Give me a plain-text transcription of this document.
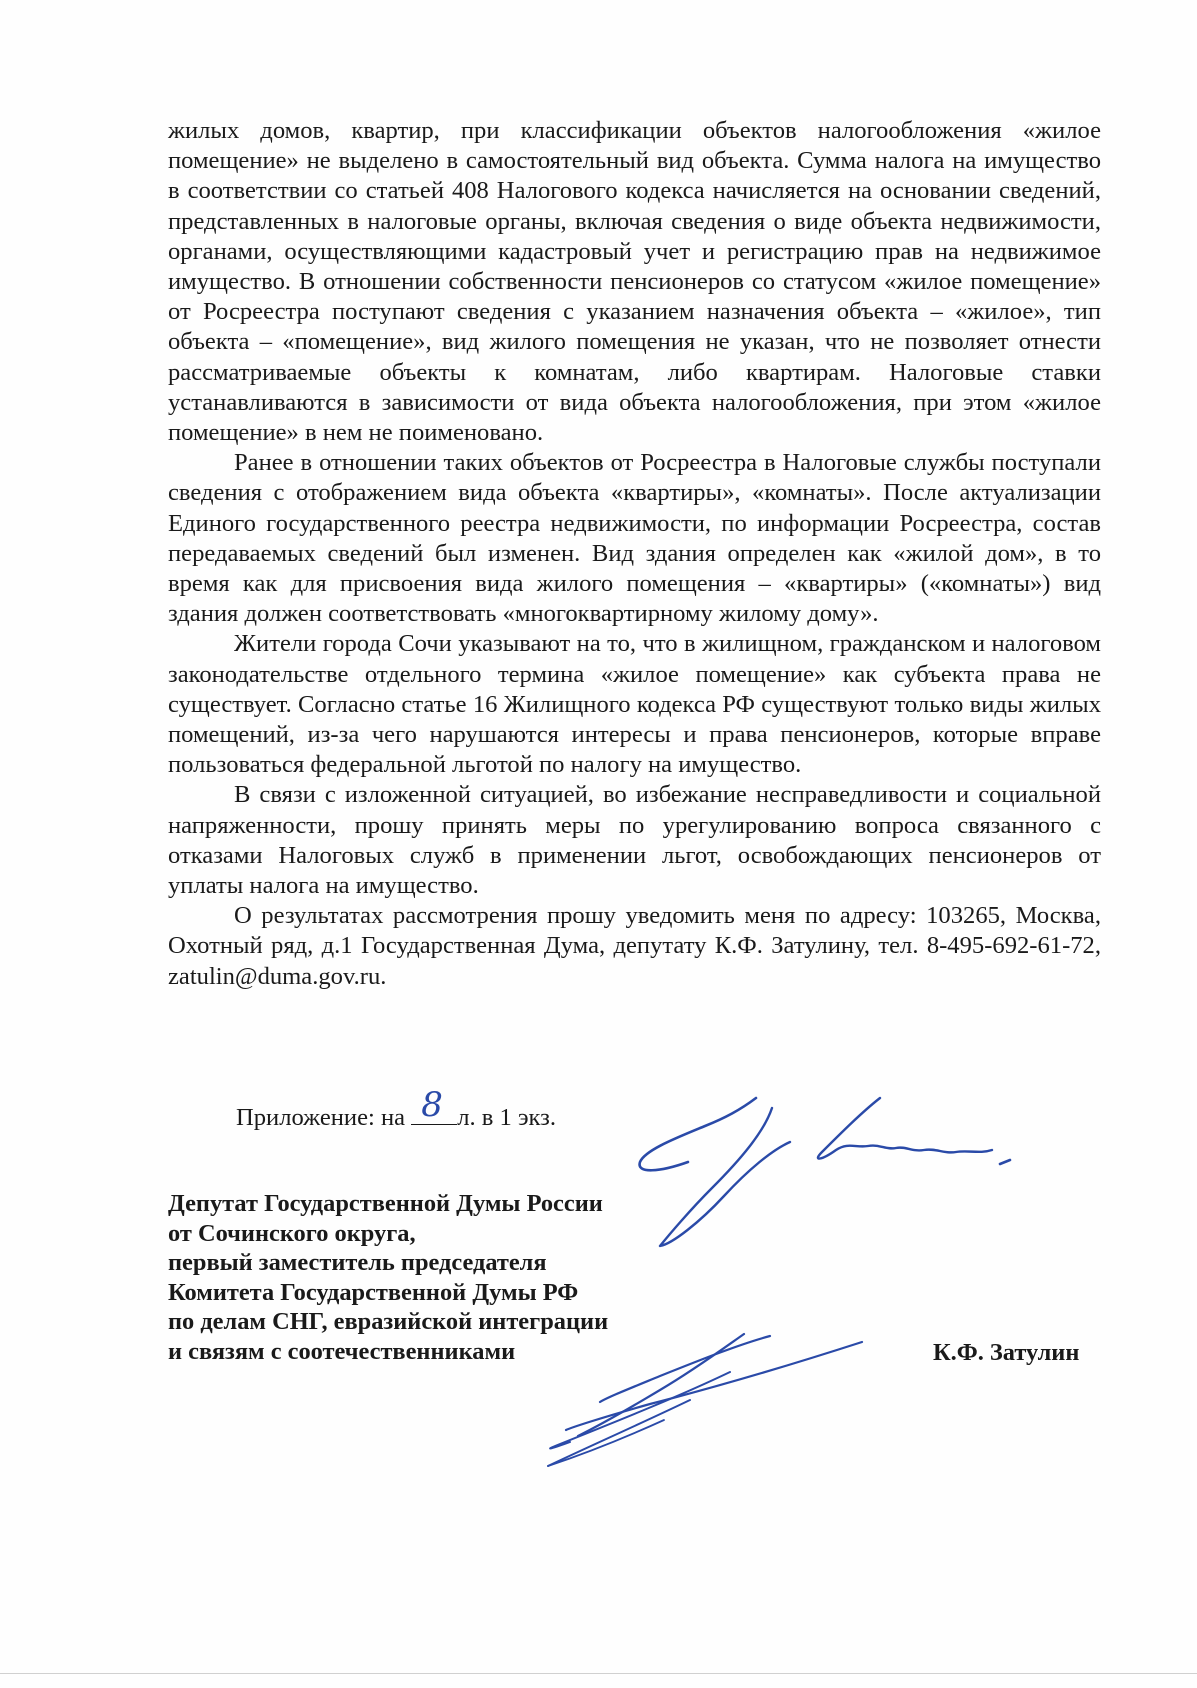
жилых домов, квартир, при классификации объектов налогообложения «жилое помещение» не выделено в самостоятельный вид объекта. Сумма налога на имущество в соответствии со статьей 408 Налогового кодекса начисляется на основании сведений, представленных в налоговые органы, включая сведения о виде объекта недвижимости, органами, осуществляющими кадастровый учет и регистрацию прав на недвижимое имущество. В отношении собственности пенсионеров со статусом «жилое помещение» от Росреестра поступают сведения с указанием назначения объекта – «жилое», тип объекта – «помещение», вид жилого помещения не указан, что не позволяет отнести рассматриваемые объекты к комнатам, либо квартирам. Налоговые ставки устанавливаются в зависимости от вида объекта налогообложения, при этом «жилое помещение» в нем не поименовано.

Ранее в отношении таких объектов от Росреестра в Налоговые службы поступали сведения с отображением вида объекта «квартиры», «комнаты». После актуализации Единого государственного реестра недвижимости, по информации Росреестра, состав передаваемых сведений был изменен. Вид здания определен как «жилой дом», в то время как для присвоения вида жилого помещения – «квартиры» («комнаты») вид здания должен соответствовать «многоквартирному жилому дому».

Жители города Сочи указывают на то, что в жилищном, гражданском и налоговом законодательстве отдельного термина «жилое помещение» как субъекта права не существует. Согласно статье 16 Жилищного кодекса РФ существуют только виды жилых помещений, из-за чего нарушаются интересы и права пенсионеров, которые вправе пользоваться федеральной льготой по налогу на имущество.

В связи с изложенной ситуацией, во избежание несправедливости и социальной напряженности, прошу принять меры по урегулированию вопроса связанного с отказами Налоговых служб в применении льгот, освобождающих пенсионеров от уплаты налога на имущество.

О результатах рассмотрения прошу уведомить меня по адресу: 103265, Москва, Охотный ряд, д.1 Государственная Дума, депутату К.Ф. Затулину, тел. 8-495-692-61-72, zatulin@duma.gov.ru.

Приложение: на 8 л. в 1 экз.
Депутат Государственной Думы России
от Сочинского округа,
первый заместитель председателя
Комитета Государственной Думы РФ
по делам СНГ, евразийской интеграции
и связям с соотечественниками	К.Ф. Затулин
